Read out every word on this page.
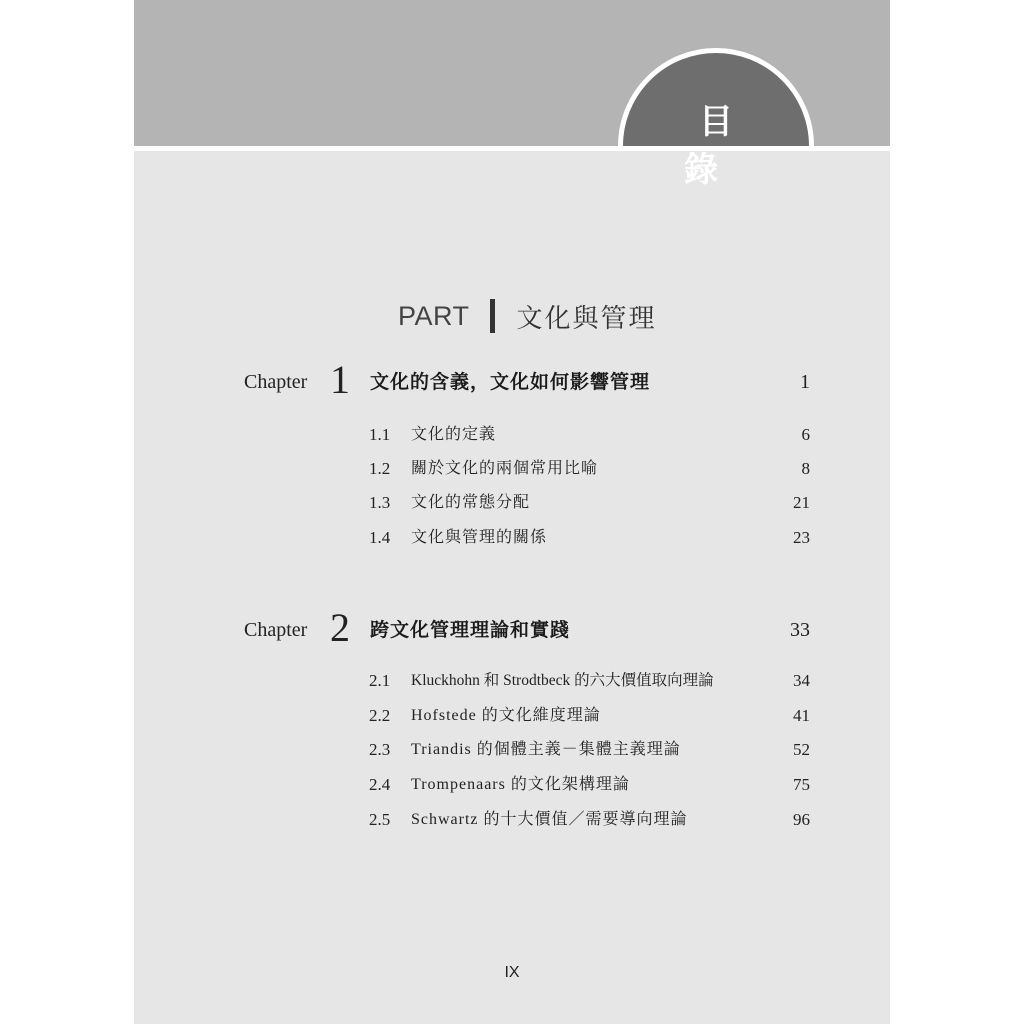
目 錄
PART 文化與管理
Chapter 1 文化的含義，文化如何影響管理	1
1.1 文化的定義	6
1.2 關於文化的兩個常用比喻	8
1.3 文化的常態分配	21
1.4 文化與管理的關係	23
Chapter 2 跨文化管理理論和實踐	33
2.1 Kluckhohn 和 Strodtbeck 的六大價值取向理論	34
2.2 Hofstede 的文化維度理論	41
2.3 Triandis 的個體主義－集體主義理論	52
2.4 Trompenaars 的文化架構理論	75
2.5 Schwartz 的十大價值／需要導向理論	96
IX
